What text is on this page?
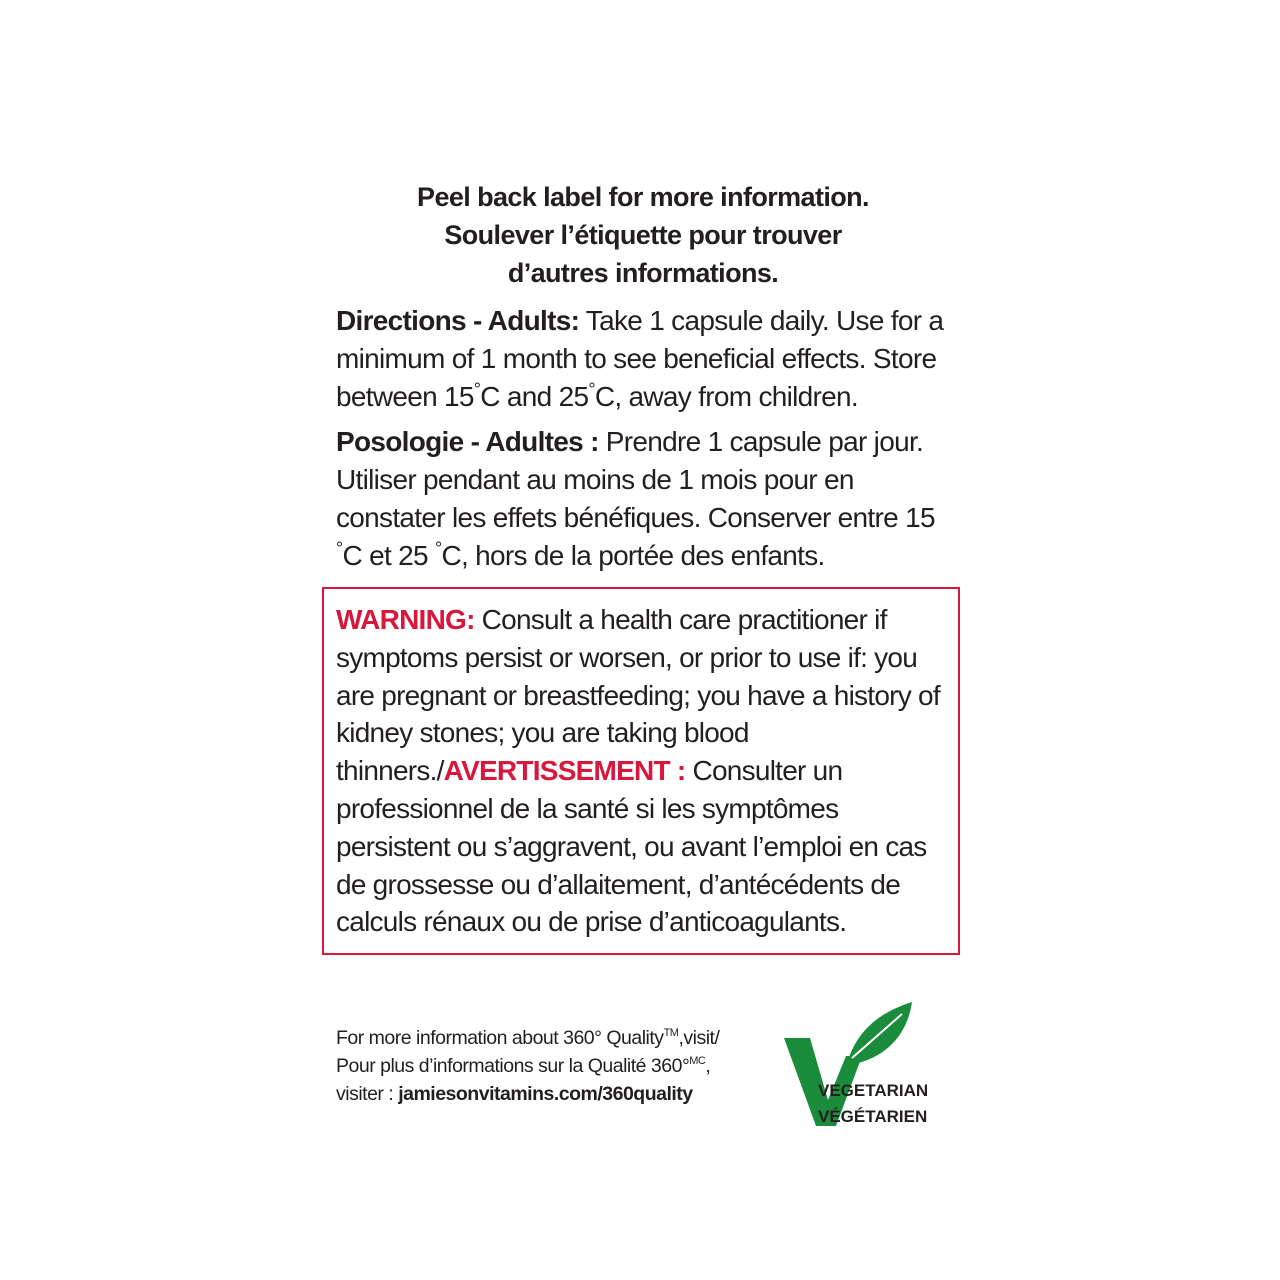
Peel back label for more information.
Soulever l’étiquette pour trouver
d’autres informations.

Directions - Adults: Take 1 capsule daily. Use for a minimum of 1 month to see beneficial effects. Store between 15°C and 25°C, away from children.

Posologie - Adultes : Prendre 1 capsule par jour. Utiliser pendant au moins de 1 mois pour en constater les effets bénéfiques. Conserver entre 15 °C et 25 °C, hors de la portée des enfants.

WARNING: Consult a health care practitioner if symptoms persist or worsen, or prior to use if: you are pregnant or breastfeeding; you have a history of kidney stones; you are taking blood thinners./AVERTISSEMENT : Consulter un professionnel de la santé si les symptômes persistent ou s’aggravent, ou avant l’emploi en cas de grossesse ou d’allaitement, d’antécédents de calculs rénaux ou de prise d’anticoagulants.
For more information about 360° Quality™,visit/
Pour plus d’informations sur la Qualité 360°$^{MC}$,
visiter : jamiesonvitamins.com/360quality	VEGETARIAN
VÉGÉTARIEN
